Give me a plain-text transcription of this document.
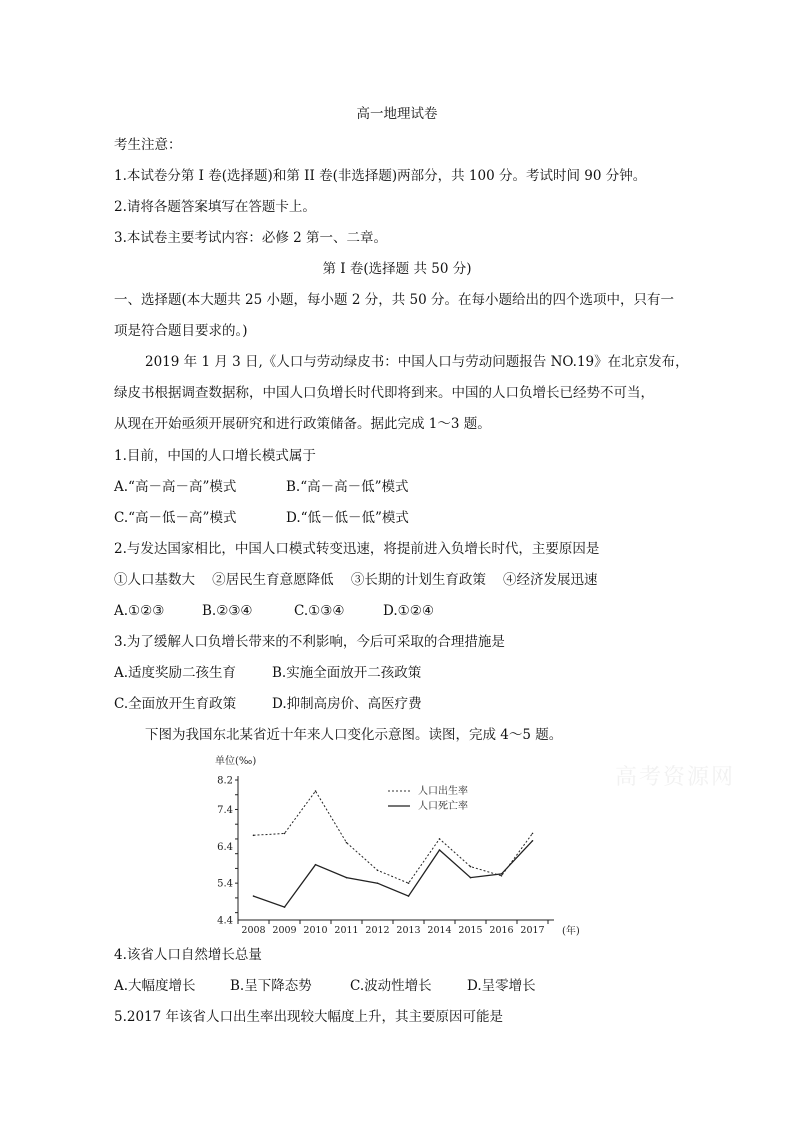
高一地理试卷
考生注意：
1.本试卷分第 I 卷(选择题)和第 II 卷(非选择题)两部分，共 100 分。考试时间 90 分钟。
2.请将各题答案填写在答题卡上。
3.本试卷主要考试内容：必修 2 第一、二章。
第 I 卷(选择题 共 50 分)
一、选择题(本大题共 25 小题，每小题 2 分，共 50 分。在每小题给出的四个选项中，只有一
项是符合题目要求的。)
2019 年 1 月 3 日,《人口与劳动绿皮书：中国人口与劳动问题报告 NO.19》在北京发布，
绿皮书根据调查数据称，中国人口负增长时代即将到来。中国的人口负增长已经势不可当，
从现在开始亟须开展研究和进行政策储备。据此完成 1～3 题。
1.目前，中国的人口增长模式属于
A.“高－高－高”模式	B.“高－高－低”模式
C.“高－低－高”模式	D.“低－低－低”模式
2.与发达国家相比，中国人口模式转变迅速，将提前进入负增长时代，主要原因是
①人口基数大    ②居民生育意愿降低    ③长期的计划生育政策    ④经济发展迅速
A.①②③	B.②③④	C.①③④	D.①②④
3.为了缓解人口负增长带来的不利影响，今后可采取的合理措施是
A.适度奖励二孩生育	B.实施全面放开二孩政策
C.全面放开生育政策	D.抑制高房价、高医疗费
下图为我国东北某省近十年来人口变化示意图。读图，完成 4～5 题。
单位(‰)
(年)
人口出生率
人口死亡率
8.2
7.4
6.4
5.4
4.4
2008 2009 2010 2011 2012 2013 2014 2015 2016 2017
高考资源网
4.该省人口自然增长总量
A.大幅度增长	B.呈下降态势	C.波动性增长	D.呈零增长
5.2017 年该省人口出生率出现较大幅度上升，其主要原因可能是
